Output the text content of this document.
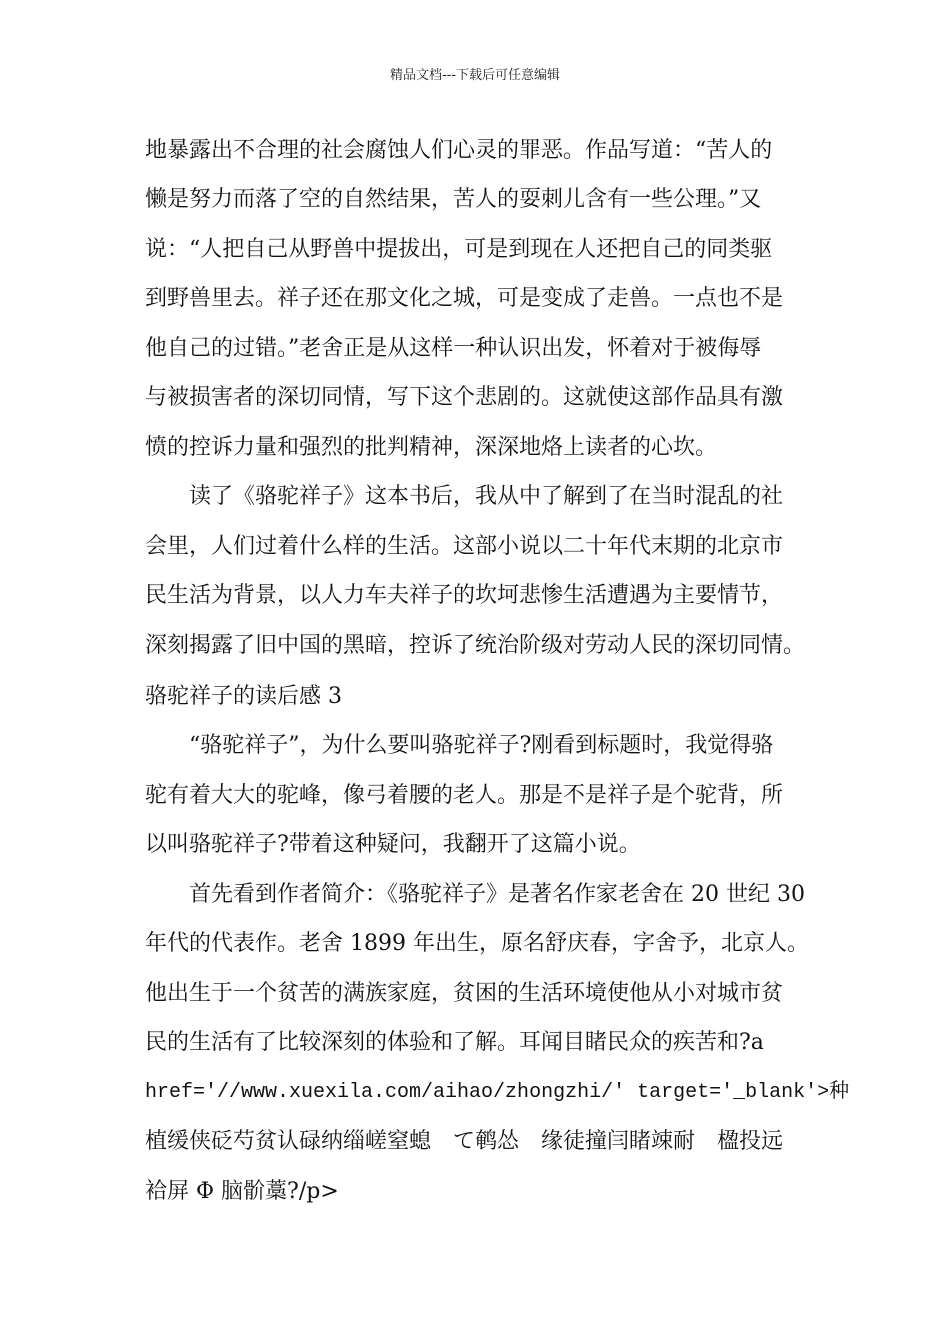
精品文档---下载后可任意编辑
地暴露出不合理的社会腐蚀人们心灵的罪恶。作品写道：“苦人的
懒是努力而落了空的自然结果，苦人的耍刺儿含有一些公理。”又
说：“人把自己从野兽中提拔出，可是到现在人还把自己的同类驱
到野兽里去。祥子还在那文化之城，可是变成了走兽。一点也不是
他自己的过错。”老舍正是从这样一种认识出发，怀着对于被侮辱
与被损害者的深切同情，写下这个悲剧的。这就使这部作品具有激
愤的控诉力量和强烈的批判精神，深深地烙上读者的心坎。
　　读了《骆驼祥子》这本书后，我从中了解到了在当时混乱的社
会里，人们过着什么样的生活。这部小说以二十年代末期的北京市
民生活为背景，以人力车夫祥子的坎坷悲惨生活遭遇为主要情节，
深刻揭露了旧中国的黑暗，控诉了统治阶级对劳动人民的深切同情。
骆驼祥子的读后感 3
　　“骆驼祥子”，为什么要叫骆驼祥子?刚看到标题时，我觉得骆
驼有着大大的驼峰，像弓着腰的老人。那是不是祥子是个驼背，所
以叫骆驼祥子?带着这种疑问，我翻开了这篇小说。
　　首先看到作者简介：《骆驼祥子》是著名作家老舍在 20 世纪 30
年代的代表作。老舍 1899 年出生，原名舒庆春，字舍予，北京人。
他出生于一个贫苦的满族家庭，贫困的生活环境使他从小对城市贫
民的生活有了比较深刻的体验和了解。耳闻目睹民众的疾苦和?a
href='//www.xuexila.com/aihao/zhongzhi/' target='_blank'>种
植缓侠砭芍贫认碌纳缁嵯窒螅　て鹌怂　缘徒撞闫睹竦耐　楹投远
袷屏 Φ 脑骱藁?/p>
